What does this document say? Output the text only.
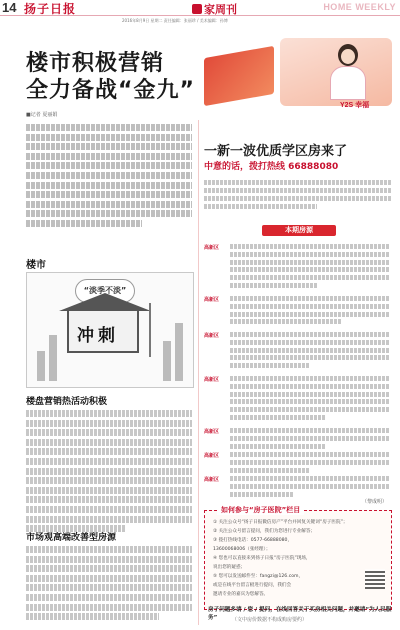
14 扬子日报	家周刊	HOME WEEKLY
2016年8月9日 星期二 责任编辑：张丽珍 / 美术编辑：孙博
楼市积极营销
全力备战“金九”
■记者 夏丽娟
楼市
“淡季不淡”
冲刺
楼盘营销热活动积极
市场观高端改善型房源
Y2S 幸福
一新一波优质学区房来了
中意的话，拨打热线 66888080
本期房源
高新区
高新区
高新区
高新区
高新区
高新区
高新区
（黎成明）
如何参与“房子医院”栏目
① 关注公众号“扬子日报微信房产”平台并回复关键词“房子医院”；
② 关注公众号留言提问，我们为您进行专业解答；
③ 拨打热线电话：0577-66888080，
13600068006（张经理）；
④ 您也可以直接来到扬子日报“房子医院”现场，
说出您的疑惑；
⑤ 您可以发送邮件至：fangzi@126.com，
或是在线平台留言板进行提问，我们会
邀请专业的嘉宾为您解答。
房子问题多请 / 您 / 提问，在线回答关于买房相关问题，并邀请“为人民服务”	（文中房价数据不构成购房要约）
